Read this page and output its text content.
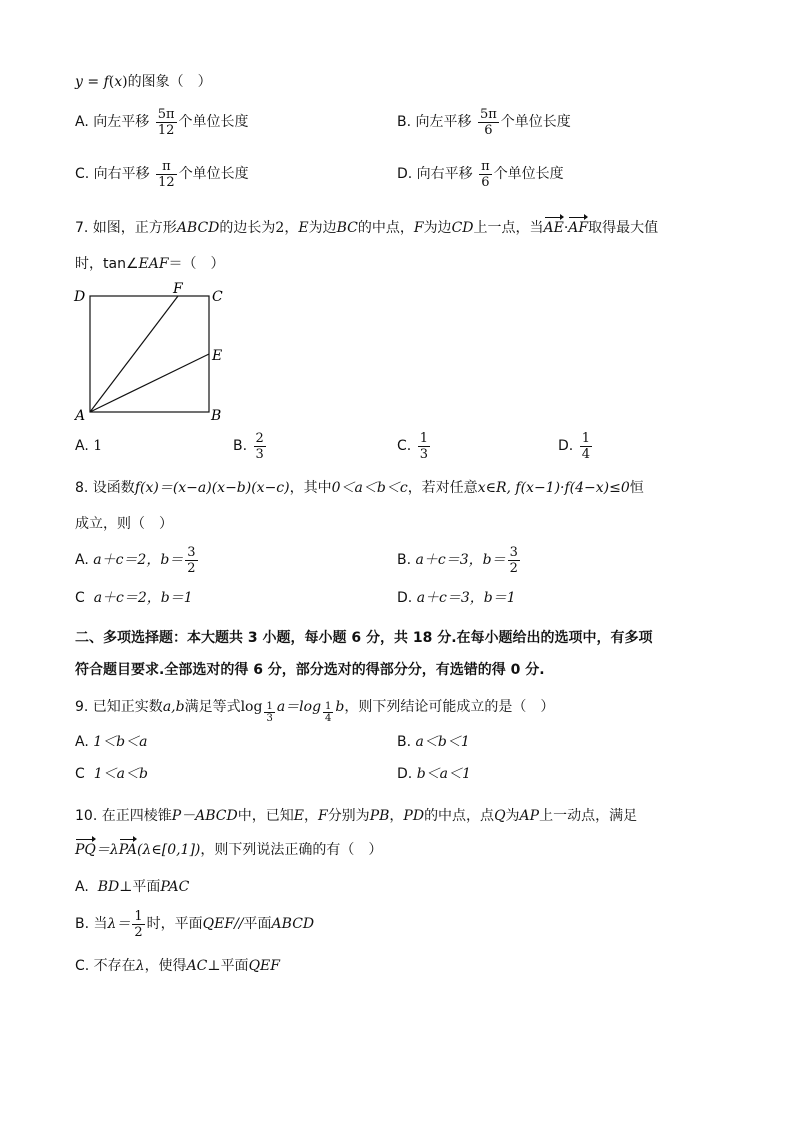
y = f(x)的图象（　）
A. 向左平移 $\frac{5\pi}{12}$ 个单位长度	B. 向左平移 $\frac{5\pi}{6}$ 个单位长度
C. 向右平移 $\frac{\pi}{12}$ 个单位长度	D. 向右平移 $\frac{\pi}{6}$ 个单位长度
7. 如图，正方形ABCD的边长为2，E为边BC的中点，F为边CD上一点，当AE·AF取得最大值
时，tan∠EAF＝（　）
D	F C
E
A	B
A. 1	B. $\frac{2}{3}$	C. $\frac{1}{3}$	D. $\frac{1}{4}$
8. 设函数f(x)＝(x−a)(x−b)(x−c)，其中0＜a＜b＜c，若对任意x∈R, f(x−1)·f(4−x)≤0恒
成立，则（　）
A. a＋c＝2，$b= \frac{3}{2}$	B. a＋c＝3，$b= \frac{3}{2}$
C a＋c＝2，b＝1	D. a＋c＝3，b＝1
二、多项选择题：本大题共 3 小题，每小题 6 分，共 18 分.在每小题给出的选项中，有多项
符合题目要求.全部选对的得 6 分，部分选对的得部分分，有选错的得 0 分.
9. 已知正实数a,b满足等式$\log \frac{1}{3} a=\log \frac{1}{4}$ b，则下列结论可能成立的是（　）
A. 1＜b＜a	B. a＜b＜1
C 1＜a＜b	D. b＜a＜1
10. 在正四棱锥P－ABCD中，已知E，F分别为PB，PD的中点，点Q为AP上一动点，满足
PQ＝λPA(λ∈[0,1])，则下列说法正确的有（　）
A. BD⊥平面PAC
B. 当$\lambda= \frac{1}{2}$ 时，平面QEF//平面ABCD
C. 不存在λ，使得AC⊥平面QEF
